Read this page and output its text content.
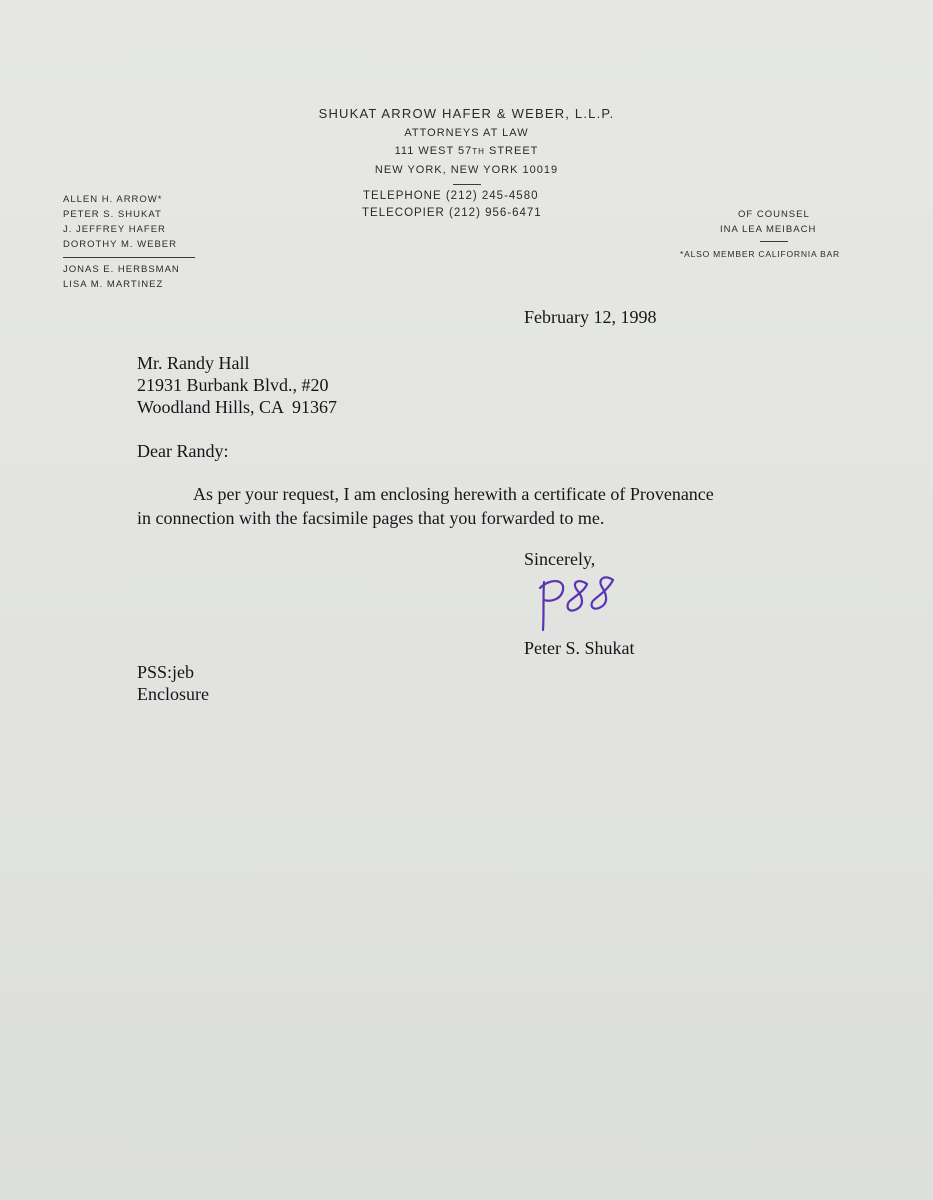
SHUKAT ARROW HAFER & WEBER, L.L.P.
ATTORNEYS AT LAW
111 WEST 57TH STREET
NEW YORK, NEW YORK 10019
TELEPHONE (212) 245-4580
TELECOPIER (212) 956-6471
ALLEN H. ARROW*
PETER S. SHUKAT
J. JEFFREY HAFER
DOROTHY M. WEBER
JONAS E. HERBSMAN
LISA M. MARTINEZ
OF COUNSEL
INA LEA MEIBACH
*ALSO MEMBER CALIFORNIA BAR
February 12, 1998
Mr. Randy Hall
21931 Burbank Blvd., #20
Woodland Hills, CA  91367
Dear Randy:
As per your request, I am enclosing herewith a certificate of Provenance
in connection with the facsimile pages that you forwarded to me.
Sincerely,
Peter S. Shukat
PSS:jeb
Enclosure
